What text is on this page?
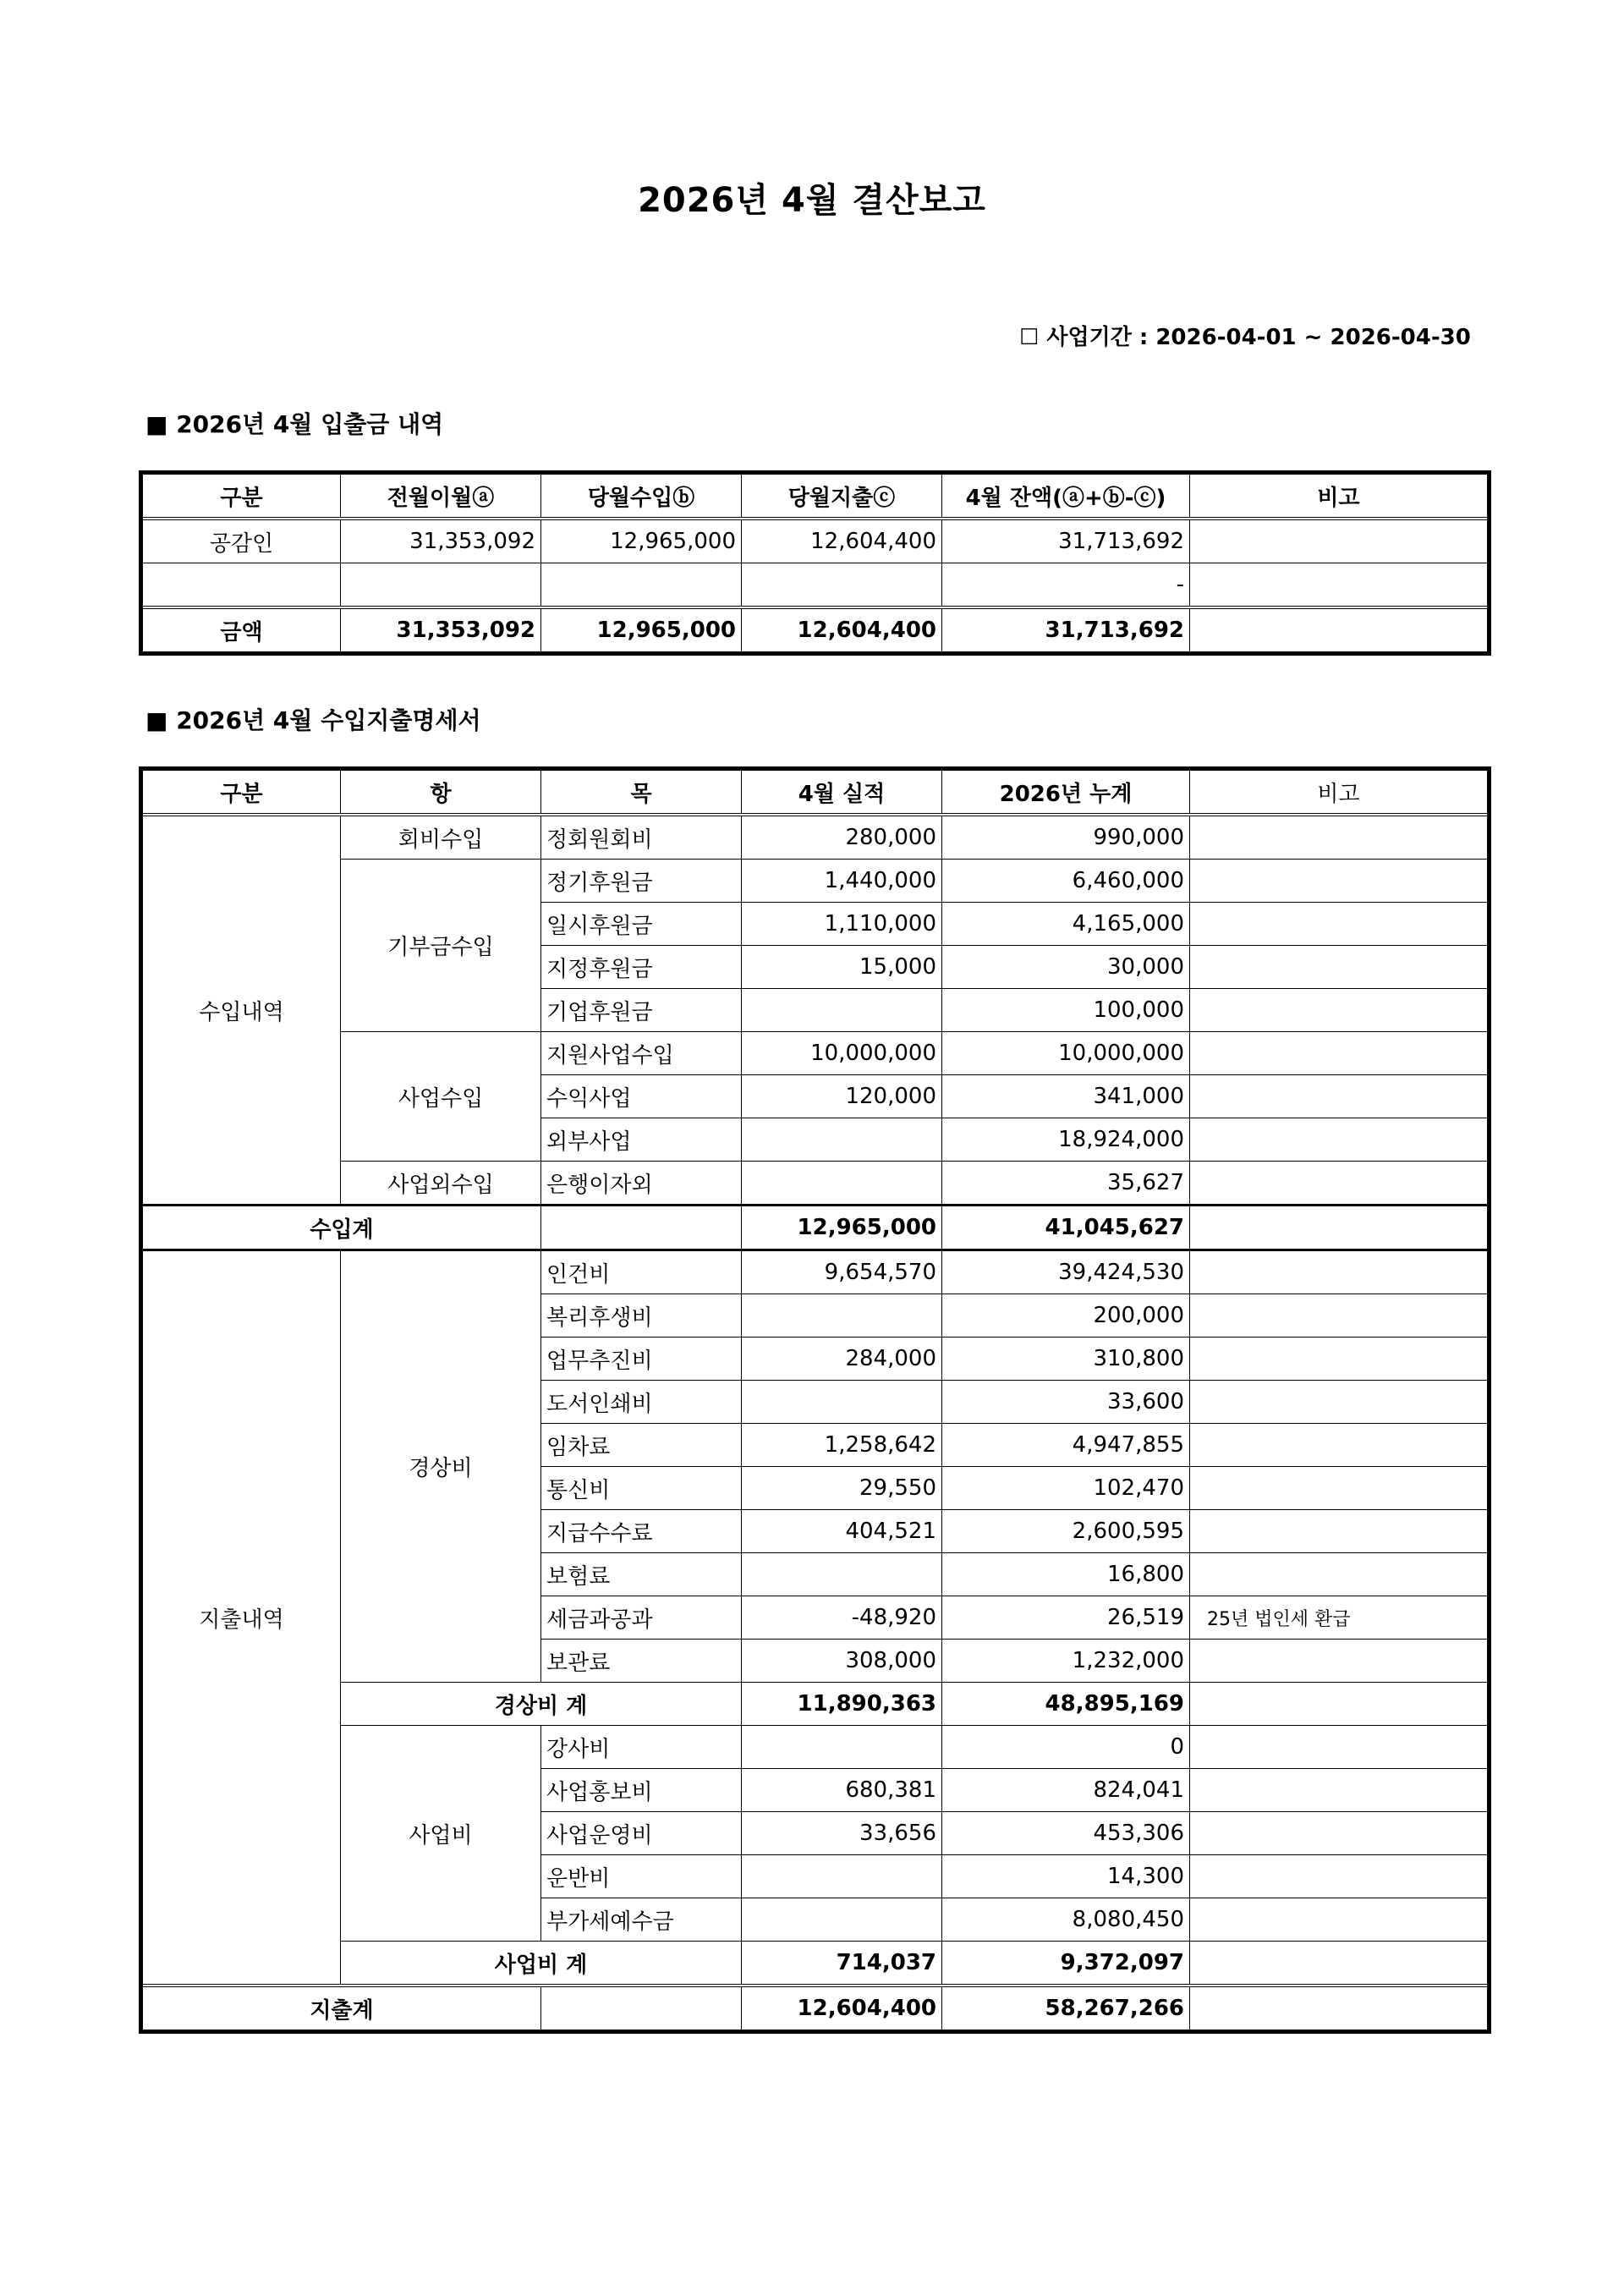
2026년 4월 결산보고
☐ 사업기간 : 2026-04-01 ~ 2026-04-30
■ 2026년 4월 입출금 내역
구분	전월이월ⓐ	당월수입ⓑ	당월지출ⓒ	4월 잔액(ⓐ+ⓑ-ⓒ)	비고
공감인	31,353,092	12,965,000	12,604,400	31,713,692	
				-	
금액	31,353,092	12,965,000	12,604,400	31,713,692	
■ 2026년 4월 수입지출명세서
구분	항	목	4월 실적	2026년 누계	비고
수입내역	회비수입	정회원회비	280,000	990,000	
	기부금수입	정기후원금	1,440,000	6,460,000	
		일시후원금	1,110,000	4,165,000	
		지정후원금	15,000	30,000	
		기업후원금		100,000	
	사업수입	지원사업수입	10,000,000	10,000,000	
		수익사업	120,000	341,000	
		외부사업		18,924,000	
	사업외수입	은행이자외		35,627	
수입계			12,965,000	41,045,627	
지출내역	경상비	인건비	9,654,570	39,424,530	
		복리후생비		200,000	
		업무추진비	284,000	310,800	
		도서인쇄비		33,600	
		임차료	1,258,642	4,947,855	
		통신비	29,550	102,470	
		지급수수료	404,521	2,600,595	
		보험료		16,800	
		세금과공과	-48,920	26,519	25년 법인세 환급
		보관료	308,000	1,232,000	
	경상비 계		11,890,363	48,895,169	
	사업비	강사비		0	
		사업홍보비	680,381	824,041	
		사업운영비	33,656	453,306	
		운반비		14,300	
		부가세예수금		8,080,450	
	사업비 계		714,037	9,372,097	
지출계			12,604,400	58,267,266	
